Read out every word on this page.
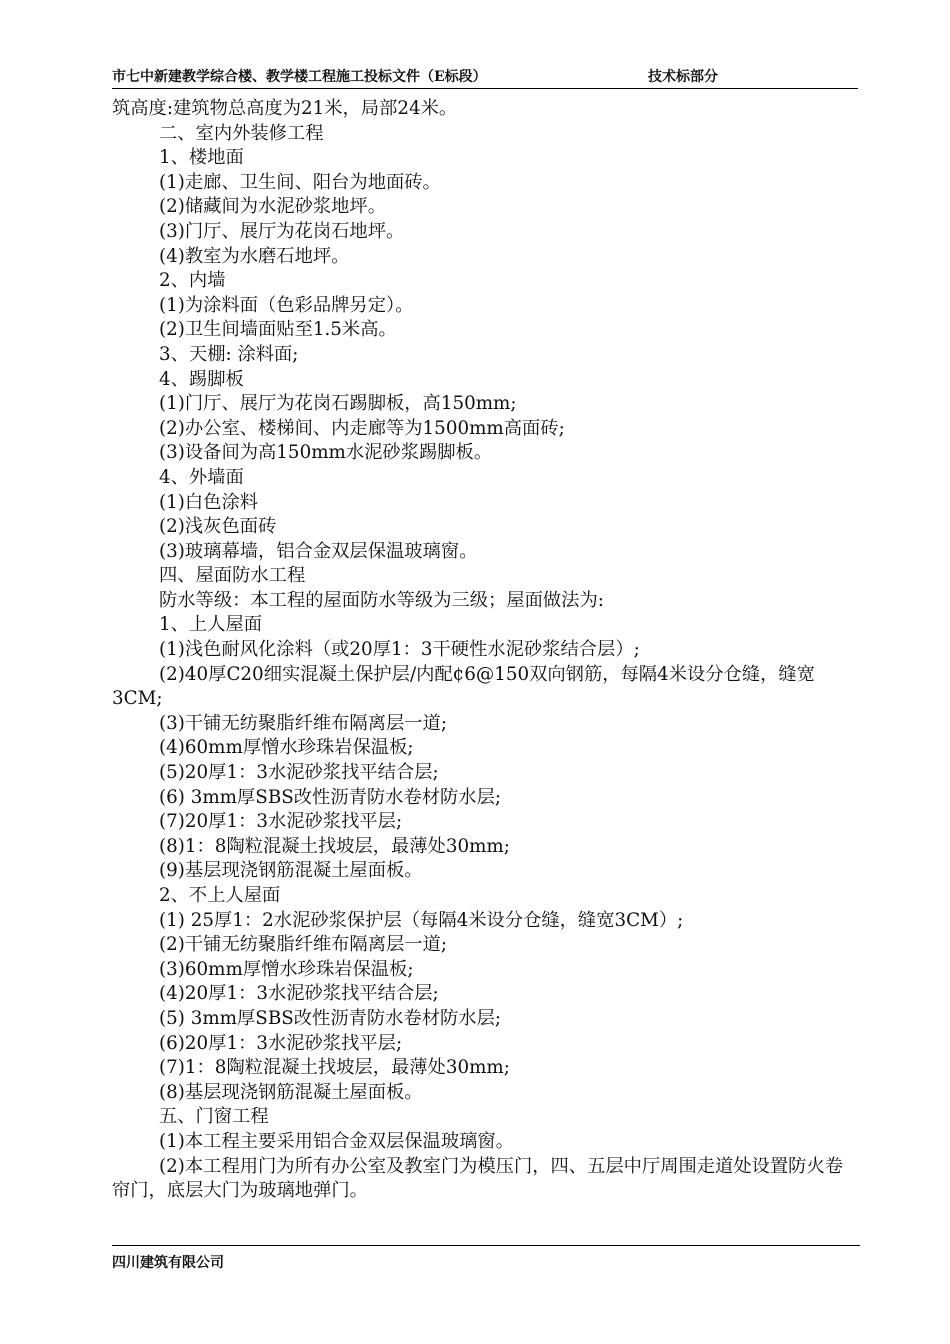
市七中新建教学综合楼、教学楼工程施工投标文件（E标段）	技术标部分
筑高度:建筑物总高度为21米，局部24米。
二、室内外装修工程
1、楼地面
(1)走廊、卫生间、阳台为地面砖。
(2)储藏间为水泥砂浆地坪。
(3)门厅、展厅为花岗石地坪。
(4)教室为水磨石地坪。
2、内墙
(1)为涂料面（色彩品牌另定）。
(2)卫生间墙面贴至1.5米高。
3、天棚: 涂料面;
4、踢脚板
(1)门厅、展厅为花岗石踢脚板，高150mm;
(2)办公室、楼梯间、内走廊等为1500mm高面砖;
(3)设备间为高150mm水泥砂浆踢脚板。
4、外墙面
(1)白色涂料
(2)浅灰色面砖
(3)玻璃幕墙，铝合金双层保温玻璃窗。
四、屋面防水工程
防水等级：本工程的屋面防水等级为三级；屋面做法为:
1、上人屋面
(1)浅色耐风化涂料（或20厚1：3干硬性水泥砂浆结合层）;
(2)40厚C20细实混凝土保护层/内配¢6@150双向钢筋，每隔4米设分仓缝，缝宽3CM;
(3)干铺无纺聚脂纤维布隔离层一道;
(4)60mm厚憎水珍珠岩保温板;
(5)20厚1：3水泥砂浆找平结合层;
(6) 3mm厚SBS改性沥青防水卷材防水层;
(7)20厚1：3水泥砂浆找平层;
(8)1：8陶粒混凝土找坡层，最薄处30mm;
(9)基层现浇钢筋混凝土屋面板。
2、不上人屋面
(1) 25厚1：2水泥砂浆保护层（每隔4米设分仓缝，缝宽3CM）;
(2)干铺无纺聚脂纤维布隔离层一道;
(3)60mm厚憎水珍珠岩保温板;
(4)20厚1：3水泥砂浆找平结合层;
(5) 3mm厚SBS改性沥青防水卷材防水层;
(6)20厚1：3水泥砂浆找平层;
(7)1：8陶粒混凝土找坡层，最薄处30mm;
(8)基层现浇钢筋混凝土屋面板。
五、门窗工程
(1)本工程主要采用铝合金双层保温玻璃窗。
(2)本工程用门为所有办公室及教室门为模压门，四、五层中厅周围走道处设置防火卷帘门，底层大门为玻璃地弹门。
四川建筑有限公司
